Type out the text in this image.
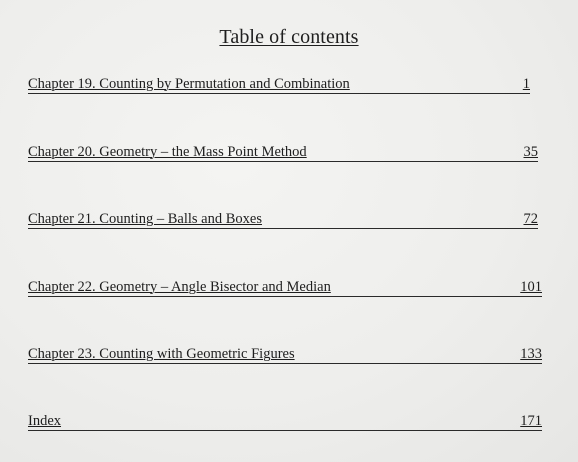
Table of contents
Chapter 19. Counting by Permutation and Combination	1
Chapter 20. Geometry – the Mass Point Method	35
Chapter 21. Counting – Balls and Boxes	72
Chapter 22. Geometry – Angle Bisector and Median	101
Chapter 23. Counting with Geometric Figures	133
Index	171
